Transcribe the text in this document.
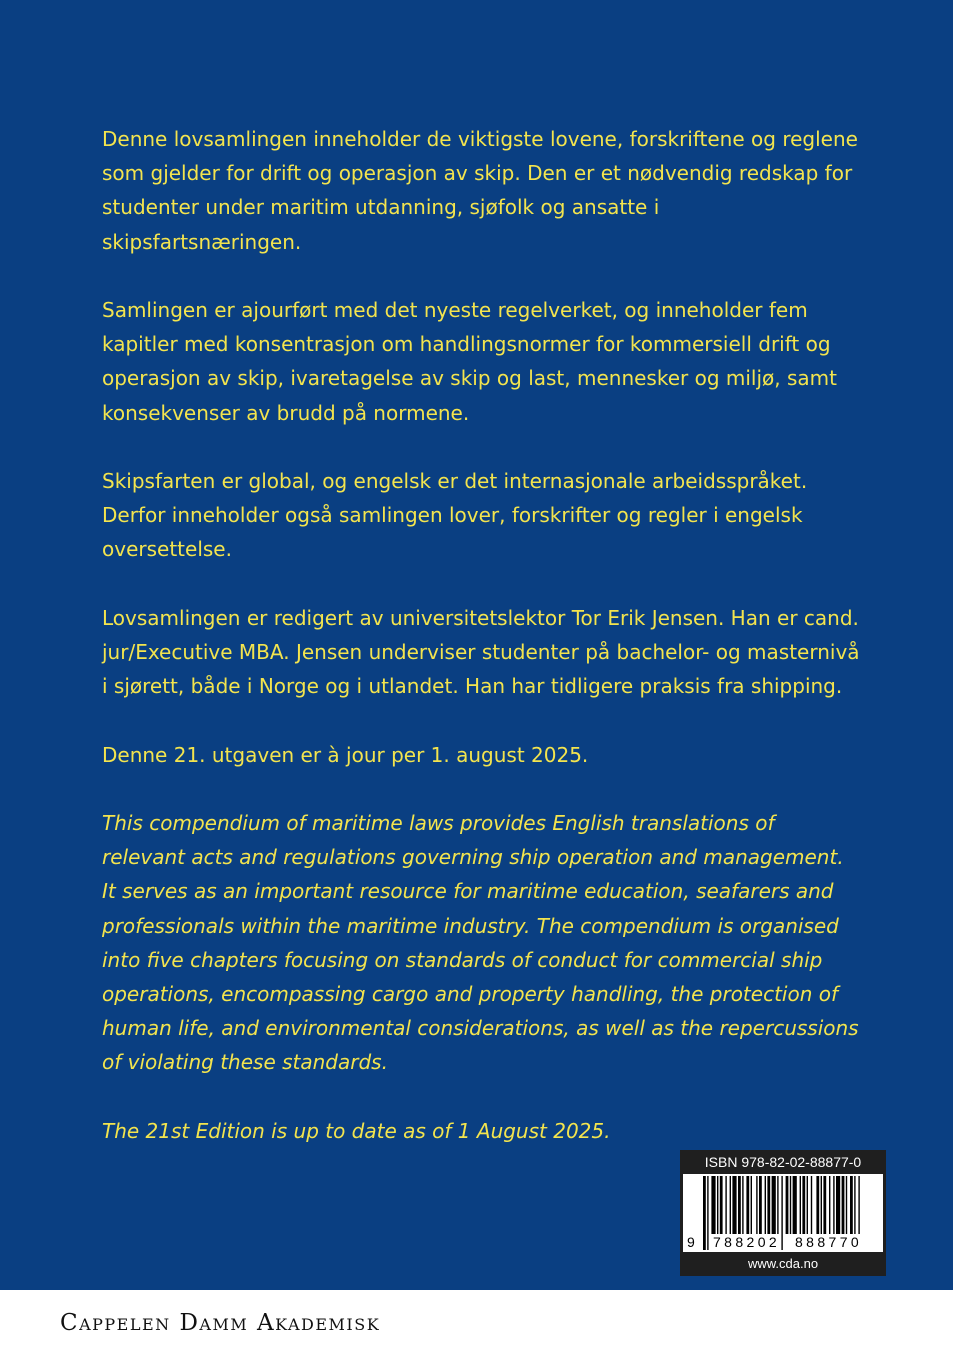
Denne lovsamlingen inneholder de viktigste lovene, forskriftene og reglene som gjelder for drift og operasjon av skip. Den er et nødvendig redskap for studenter under maritim utdanning, sjøfolk og ansatte i skipsfartsnæringen.

Samlingen er ajourført med det nyeste regelverket, og inneholder fem kapitler med konsentrasjon om handlingsnormer for kommersiell drift og operasjon av skip, ivaretagelse av skip og last, mennesker og miljø, samt konsekvenser av brudd på normene.

Skipsfarten er global, og engelsk er det internasjonale arbeidsspråket. Derfor inneholder også samlingen lover, forskrifter og regler i engelsk oversettelse.

Lovsamlingen er redigert av universitetslektor Tor Erik Jensen. Han er cand. jur/Executive MBA. Jensen underviser studenter på bachelor- og masternivå i sjørett, både i Norge og i utlandet. Han har tidligere praksis fra shipping.

Denne 21. utgaven er à jour per 1. august 2025.

This compendium of maritime laws provides English translations of relevant acts and regulations governing ship operation and management. It serves as an important resource for maritime education, seafarers and professionals within the maritime industry. The compendium is organised into five chapters focusing on standards of conduct for commercial ship operations, encompassing cargo and property handling, the protection of human life, and environmental considerations, as well as the repercussions of violating these standards.

The 21st Edition is up to date as of 1 August 2025.

ISBN 978-82-02-88877-0
9 788202 888770
www.cda.no
Cappelen Damm Akademisk
